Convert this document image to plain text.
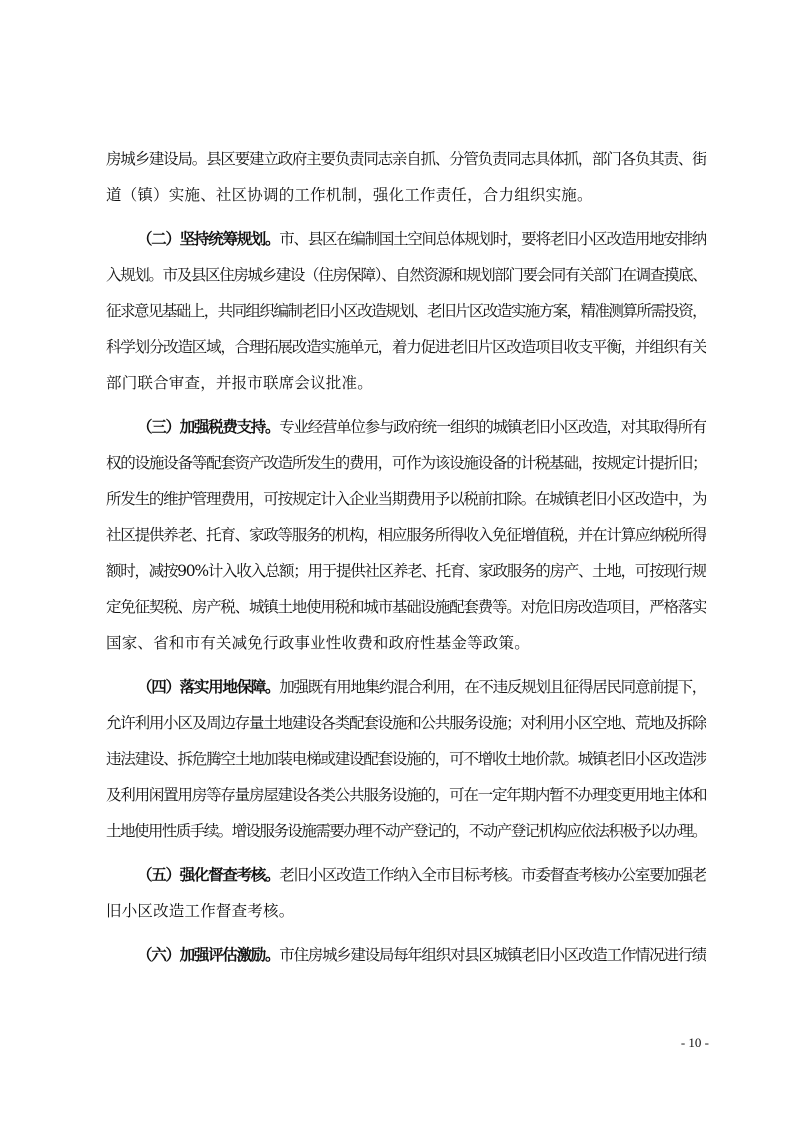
房城乡建设局。县区要建立政府主要负责同志亲自抓、分管负责同志具体抓，部门各负其责、街
道（镇）实施、社区协调的工作机制，强化工作责任，合力组织实施。
（二）坚持统筹规划。市、县区在编制国土空间总体规划时，要将老旧小区改造用地安排纳
入规划。市及县区住房城乡建设（住房保障）、自然资源和规划部门要会同有关部门在调查摸底、
征求意见基础上，共同组织编制老旧小区改造规划、老旧片区改造实施方案，精准测算所需投资，
科学划分改造区域，合理拓展改造实施单元，着力促进老旧片区改造项目收支平衡，并组织有关
部门联合审查，并报市联席会议批准。
（三）加强税费支持。专业经营单位参与政府统一组织的城镇老旧小区改造，对其取得所有
权的设施设备等配套资产改造所发生的费用，可作为该设施设备的计税基础，按规定计提折旧；
所发生的维护管理费用，可按规定计入企业当期费用予以税前扣除。在城镇老旧小区改造中，为
社区提供养老、托育、家政等服务的机构，相应服务所得收入免征增值税，并在计算应纳税所得
额时，减按90%计入收入总额；用于提供社区养老、托育、家政服务的房产、土地，可按现行规
定免征契税、房产税、城镇土地使用税和城市基础设施配套费等。对危旧房改造项目，严格落实
国家、省和市有关减免行政事业性收费和政府性基金等政策。
（四）落实用地保障。加强既有用地集约混合利用，在不违反规划且征得居民同意前提下，
允许利用小区及周边存量土地建设各类配套设施和公共服务设施；对利用小区空地、荒地及拆除
违法建设、拆危腾空土地加装电梯或建设配套设施的，可不增收土地价款。城镇老旧小区改造涉
及利用闲置用房等存量房屋建设各类公共服务设施的，可在一定年期内暂不办理变更用地主体和
土地使用性质手续。增设服务设施需要办理不动产登记的，不动产登记机构应依法积极予以办理。
（五）强化督查考核。老旧小区改造工作纳入全市目标考核。市委督查考核办公室要加强老
旧小区改造工作督查考核。
（六）加强评估激励。市住房城乡建设局每年组织对县区城镇老旧小区改造工作情况进行绩
- 10 -
